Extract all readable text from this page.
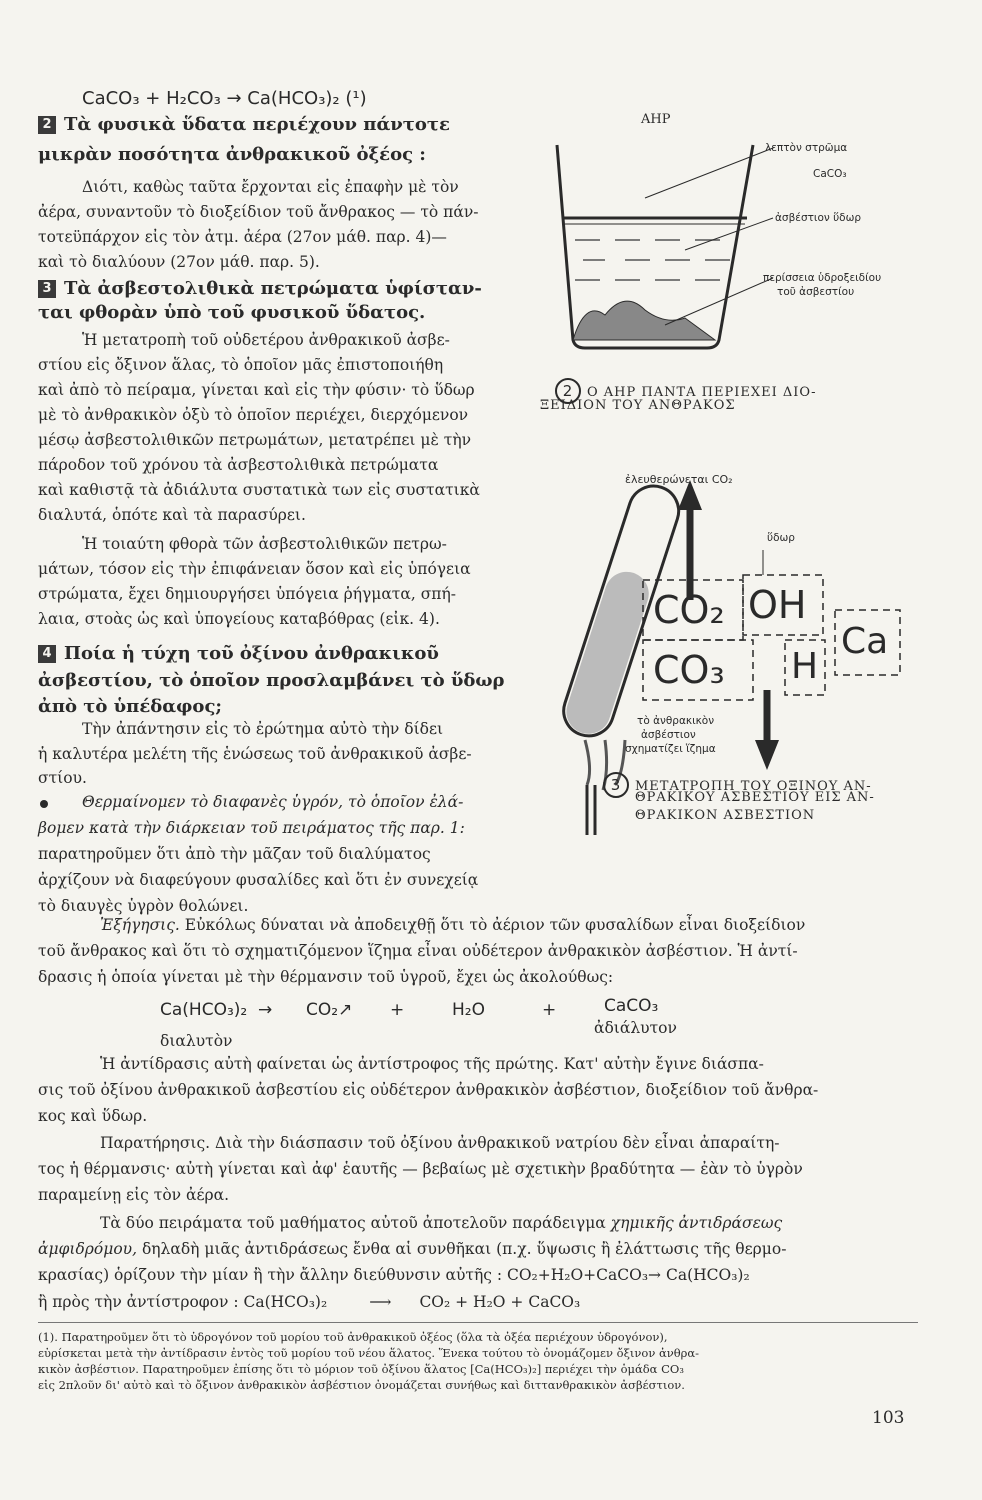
CaCO₃ + H₂CO₃ → Ca(HCO₃)₂ (¹)
2 Τὰ φυσικὰ ὕδατα περιέχουν πάντοτε
μικρὰν ποσότητα ἀνθρακικοῦ ὀξέος :
Διότι, καθὼς ταῦτα ἔρχονται εἰς ἐπαφὴν μὲ τὸν
ἀέρα, συναντοῦν τὸ διοξείδιον τοῦ ἄνθρακος — τὸ πάν-
τοτεϋπάρχον εἰς τὸν ἀτμ. ἀέρα (27ον μάθ. παρ. 4)—
καὶ τὸ διαλύουν (27ον μάθ. παρ. 5).
3 Τὰ ἀσβεστολιθικὰ πετρώματα ὑφίσταν-
ται φθορὰν ὑπὸ τοῦ φυσικοῦ ὕδατος.
Ἡ μετατροπὴ τοῦ οὐδετέρου ἀνθρακικοῦ ἀσβε-
στίου εἰς ὄξινον ἅλας, τὸ ὁποῖον μᾶς ἐπιστοποιήθη
καὶ ἀπὸ τὸ πείραμα, γίνεται καὶ εἰς τὴν φύσιν· τὸ ὕδωρ
μὲ τὸ ἀνθρακικὸν ὀξὺ τὸ ὁποῖον περιέχει, διερχόμενον
μέσῳ ἀσβεστολιθικῶν πετρωμάτων, μετατρέπει μὲ τὴν
πάροδον τοῦ χρόνου τὰ ἀσβεστολιθικὰ πετρώματα
καὶ καθιστᾷ τὰ ἀδιάλυτα συστατικὰ των εἰς συστατικὰ
διαλυτά, ὁπότε καὶ τὰ παρασύρει.
Ἡ τοιαύτη φθορὰ τῶν ἀσβεστολιθικῶν πετρω-
μάτων, τόσον εἰς τὴν ἐπιφάνειαν ὅσον καὶ εἰς ὑπόγεια
στρώματα, ἔχει δημιουργήσει ὑπόγεια ῥήγματα, σπή-
λαια, στοὰς ὡς καὶ ὑπογείους καταβόθρας (εἰκ. 4).
4 Ποία ἡ τύχη τοῦ ὀξίνου ἀνθρακικοῦ
ἀσβεστίου, τὸ ὁποῖον προσλαμβάνει τὸ ὕδωρ
ἀπὸ τὸ ὑπέδαφος;
Τὴν ἀπάντησιν εἰς τὸ ἐρώτημα αὐτὸ τὴν δίδει
ἡ καλυτέρα μελέτη τῆς ἑνώσεως τοῦ ἀνθρακικοῦ ἀσβε-
στίου.
Θερμαίνομεν τὸ διαφανὲς ὑγρόν, τὸ ὁποῖον ἐλά-
βομεν κατὰ τὴν διάρκειαν τοῦ πειράματος τῆς παρ. 1:
παρατηροῦμεν ὅτι ἀπὸ τὴν μᾶζαν τοῦ διαλύματος
ἀρχίζουν νὰ διαφεύγουν φυσαλίδες καὶ ὅτι ἐν συνεχείᾳ
τὸ διαυγὲς ὑγρὸν θολώνει.
Ἐξήγησις. Εὐκόλως δύναται νὰ ἀποδειχθῇ ὅτι τὸ ἀέριον τῶν φυσαλίδων εἶναι διοξείδιον
τοῦ ἄνθρακος καὶ ὅτι τὸ σχηματιζόμενον ἵζημα εἶναι οὐδέτερον ἀνθρακικὸν ἀσβέστιον. Ἡ ἀντί-
δρασις ἡ ὁποία γίνεται μὲ τὴν θέρμανσιν τοῦ ὑγροῦ, ἔχει ὡς ἀκολούθως:
Ca(HCO₃)₂ → CO₂↗ +	H₂O	+	CaCO₃
διαλυτὸν
ἀδιάλυτον
Ἡ ἀντίδρασις αὐτὴ φαίνεται ὡς ἀντίστροφος τῆς πρώτης. Κατ' αὐτὴν ἔγινε διάσπα-
σις τοῦ ὀξίνου ἀνθρακικοῦ ἀσβεστίου εἰς οὐδέτερον ἀνθρακικὸν ἀσβέστιον, διοξείδιον τοῦ ἄνθρα-
κος καὶ ὕδωρ.
Παρατήρησις. Διὰ τὴν διάσπασιν τοῦ ὀξίνου ἀνθρακικοῦ νατρίου δὲν εἶναι ἀπαραίτη-
τος ἡ θέρμανσις· αὐτὴ γίνεται καὶ ἀφ' ἑαυτῆς — βεβαίως μὲ σχετικὴν βραδύτητα — ἐὰν τὸ ὑγρὸν
παραμείνῃ εἰς τὸν ἀέρα.
Τὰ δύο πειράματα τοῦ μαθήματος αὐτοῦ ἀποτελοῦν παράδειγμα χημικῆς ἀντιδράσεως
ἀμφιδρόμου, δηλαδὴ μιᾶς ἀντιδράσεως ἔνθα αἱ συνθῆκαι (π.χ. ὕψωσις ἢ ἐλάττωσις τῆς θερμο-
κρασίας) ὁρίζουν τὴν μίαν ἢ τὴν ἄλλην διεύθυνσιν αὐτῆς : CO₂+H₂O+CaCO₃→ Ca(HCO₃)₂
ἢ πρὸς τὴν ἀντίστροφον : Ca(HCO₃)₂	⟶ CO₂ + H₂O + CaCO₃
(1). Παρατηροῦμεν ὅτι τὸ ὑδρογόνον τοῦ μορίου τοῦ ἀνθρακικοῦ ὀξέος (ὅλα τὰ ὀξέα περιέχουν ὑδρογόνον),
εὑρίσκεται μετὰ τὴν ἀντίδρασιν ἐντὸς τοῦ μορίου τοῦ νέου ἅλατος. Ἕνεκα τούτου τὸ ὀνομάζομεν ὄξινον ἀνθρα-
κικὸν ἀσβέστιον. Παρατηροῦμεν ἐπίσης ὅτι τὸ μόριον τοῦ ὀξίνου ἅλατος [Ca(HCO₃)₂] περιέχει τὴν ὁμάδα CO₃
εἰς 2πλοῦν δι' αὐτὸ καὶ τὸ ὄξινον ἀνθρακικὸν ἀσβέστιον ὀνομάζεται συνήθως καὶ διττανθρακικὸν ἀσβέστιον.
103
ΑΗΡ
λεπτὸν στρῶμα
CaCO₃
ἀσβέστιον ὕδωρ
περίσσεια ὑδροξειδίου
τοῦ ἀσβεστίου
2 Ο ΑΗΡ ΠΑΝΤΑ ΠΕΡΙΕΧΕΙ ΔΙΟ-
ΞΕΙΔΙΟΝ ΤΟΥ ΑΝΘΡΑΚΟΣ
ἐλευθερώνεται CO₂
ὕδωρ
CO₂ OH
CO₃ H
Ca
τὸ ἀνθρακικὸν
ἀσβέστιον
σχηματίζει ἵζημα
3 ΜΕΤΑΤΡΟΠΗ ΤΟΥ ΟΞΙΝΟΥ ΑΝ-
ΘΡΑΚΙΚΟΥ ΑΣΒΕΣΤΙΟΥ ΕΙΣ ΑΝ-
ΘΡΑΚΙΚΟΝ ΑΣΒΕΣΤΙΟΝ
